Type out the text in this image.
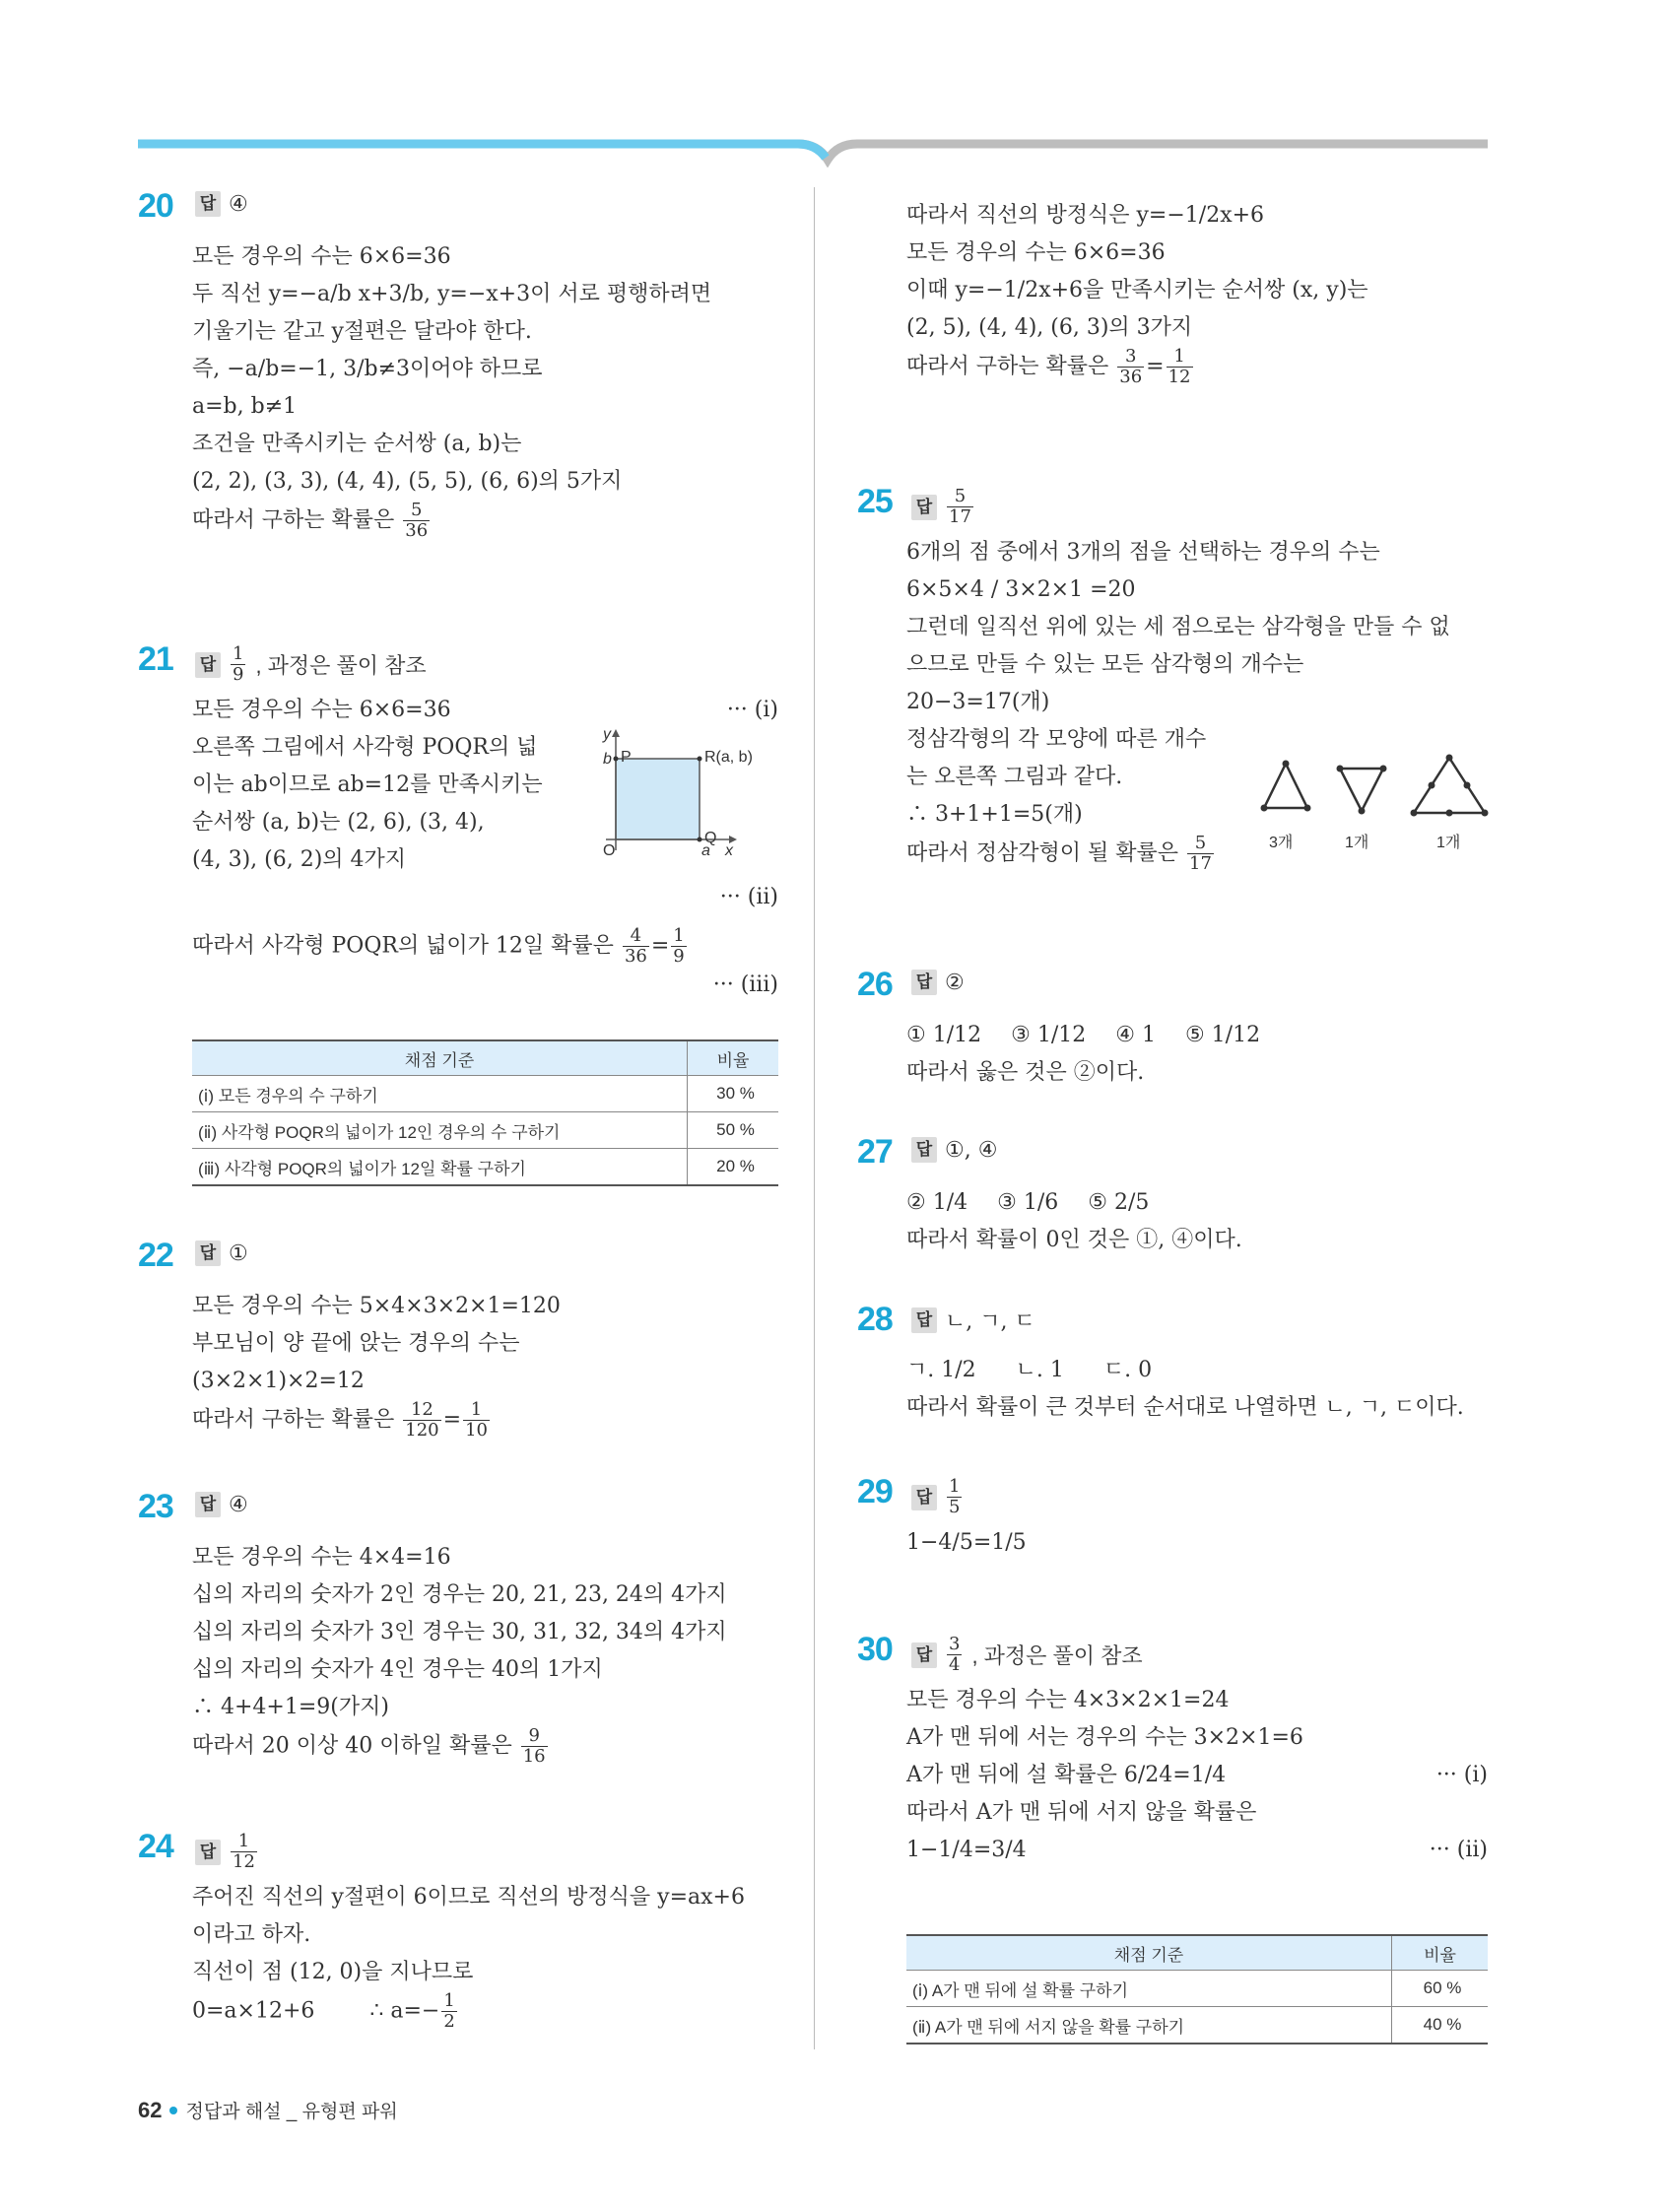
20 답 ④
모든 경우의 수는 6×6=36
두 직선 y=−a/b x+3/b, y=−x+3이 서로 평행하려면
기울기는 같고 y절편은 달라야 한다.
즉, −a/b=−1, 3/b≠3이어야 하므로
a=b, b≠1
조건을 만족시키는 순서쌍 (a, b)는
(2, 2), (3, 3), (4, 4), (5, 5), (6, 6)의 5가지
따라서 구하는 확률은 $\frac{5}{36}$
21 답 $\frac{1}{9}$ , 과정은 풀이 참조
모든 경우의 수는 6×6=36	··· (ⅰ)
오른쪽 그림에서 사각형 POQR의 넓
이는 ab이므로 ab=12를 만족시키는
순서쌍 (a, b)는 (2, 6), (3, 4),
(4, 3), (6, 2)의 4가지
··· (ⅱ)
따라서 사각형 POQR의 넓이가 12일 확률은 $\frac{4}{36} = \frac{1}{9}$
··· (ⅲ)
y
b P	R(a, b)
Q
O	a x
채점 기준	비율
(ⅰ) 모든 경우의 수 구하기	30 %
(ⅱ) 사각형 POQR의 넓이가 12인 경우의 수 구하기	50 %
(ⅲ) 사각형 POQR의 넓이가 12일 확률 구하기	20 %
22 답 ①
모든 경우의 수는 5×4×3×2×1=120
부모님이 양 끝에 앉는 경우의 수는
(3×2×1)×2=12
따라서 구하는 확률은 $\frac{12}{120} = \frac{1}{10}$
23 답 ④
모든 경우의 수는 4×4=16
십의 자리의 숫자가 2인 경우는 20, 21, 23, 24의 4가지
십의 자리의 숫자가 3인 경우는 30, 31, 32, 34의 4가지
십의 자리의 숫자가 4인 경우는 40의 1가지
∴ 4+4+1=9(가지)
따라서 20 이상 40 이하일 확률은 $\frac{9}{16}$
24 답 $\frac{1}{12}$
주어진 직선의 y절편이 6이므로 직선의 방정식을 y=ax+6
이라고 하자.
직선이 점 (12, 0)을 지나므로
0=a×12+6        ∴ $a=- \frac{1}{2}$
따라서 직선의 방정식은 y=−1/2x+6
모든 경우의 수는 6×6=36
이때 y=−1/2x+6을 만족시키는 순서쌍 (x, y)는
(2, 5), (4, 4), (6, 3)의 3가지
따라서 구하는 확률은 $\frac{3}{36} = \frac{1}{12}$
25 답 $\frac{5}{17}$
6개의 점 중에서 3개의 점을 선택하는 경우의 수는
6×5×4 / 3×2×1 =20
그런데 일직선 위에 있는 세 점으로는 삼각형을 만들 수 없
으므로 만들 수 있는 모든 삼각형의 개수는
20−3=17(개)
정삼각형의 각 모양에 따른 개수
는 오른쪽 그림과 같다.
∴ 3+1+1=5(개)
따라서 정삼각형이 될 확률은 $\frac{5}{17}$	3개	1개	1개
26 답 ②
① 1/12 ③ 1/12 ④ 1 ⑤ 1/12
따라서 옳은 것은 ②이다.
27 답 ①, ④
② 1/4 ③ 1/6 ⑤ 2/5
따라서 확률이 0인 것은 ①, ④이다.
28 답 ㄴ, ㄱ, ㄷ
ㄱ. 1/2 ㄴ. 1 ㄷ. 0
따라서 확률이 큰 것부터 순서대로 나열하면 ㄴ, ㄱ, ㄷ이다.
29 답 $\frac{1}{5}$
1−4/5=1/5
30 답 $\frac{3}{4}$ , 과정은 풀이 참조
모든 경우의 수는 4×3×2×1=24
A가 맨 뒤에 서는 경우의 수는 3×2×1=6
A가 맨 뒤에 설 확률은 6/24=1/4	··· (ⅰ)
따라서 A가 맨 뒤에 서지 않을 확률은
1−1/4=3/4	··· (ⅱ)
채점 기준	비율
(ⅰ) A가 맨 뒤에 설 확률 구하기	60 %
(ⅱ) A가 맨 뒤에 서지 않을 확률 구하기	40 %
62 정답과 해설 _ 유형편 파워
